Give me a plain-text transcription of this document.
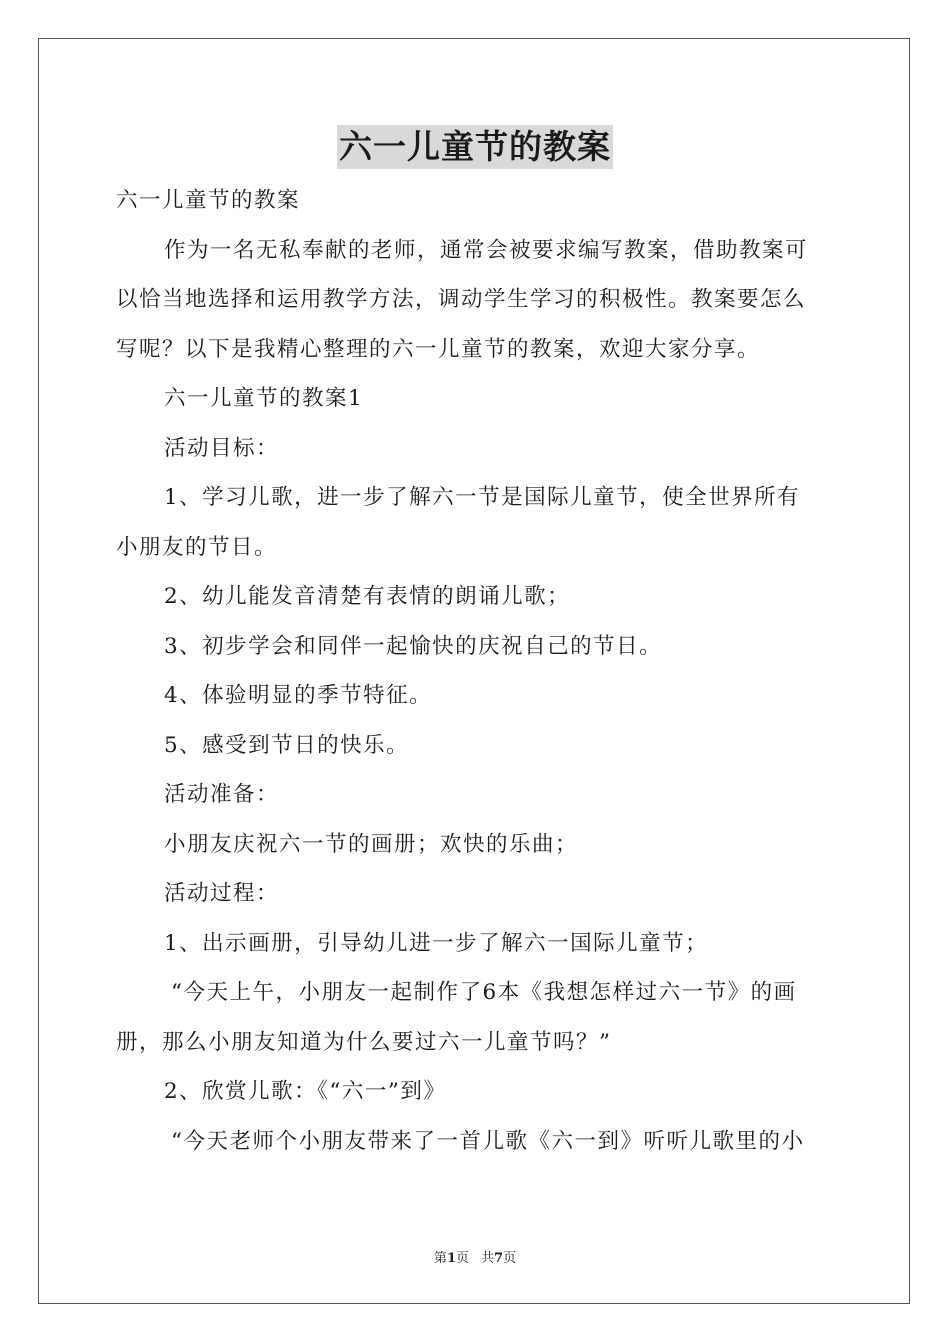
六一儿童节的教案
六一儿童节的教案
作为一名无私奉献的老师，通常会被要求编写教案，借助教案可
以恰当地选择和运用教学方法，调动学生学习的积极性。教案要怎么
写呢？以下是我精心整理的六一儿童节的教案，欢迎大家分享。
六一儿童节的教案1
活动目标：
1、学习儿歌，进一步了解六一节是国际儿童节，使全世界所有
小朋友的节日。
2、幼儿能发音清楚有表情的朗诵儿歌；
3、初步学会和同伴一起愉快的庆祝自己的节日。
4、体验明显的季节特征。
5、感受到节日的快乐。
活动准备：
小朋友庆祝六一节的画册；欢快的乐曲；
活动过程：
1、出示画册，引导幼儿进一步了解六一国际儿童节；
“今天上午，小朋友一起制作了6本《我想怎样过六一节》的画
册，那么小朋友知道为什么要过六一儿童节吗？”
2、欣赏儿歌：《“六一”到》
“今天老师个小朋友带来了一首儿歌《六一到》听听儿歌里的小
第1页 共7页
